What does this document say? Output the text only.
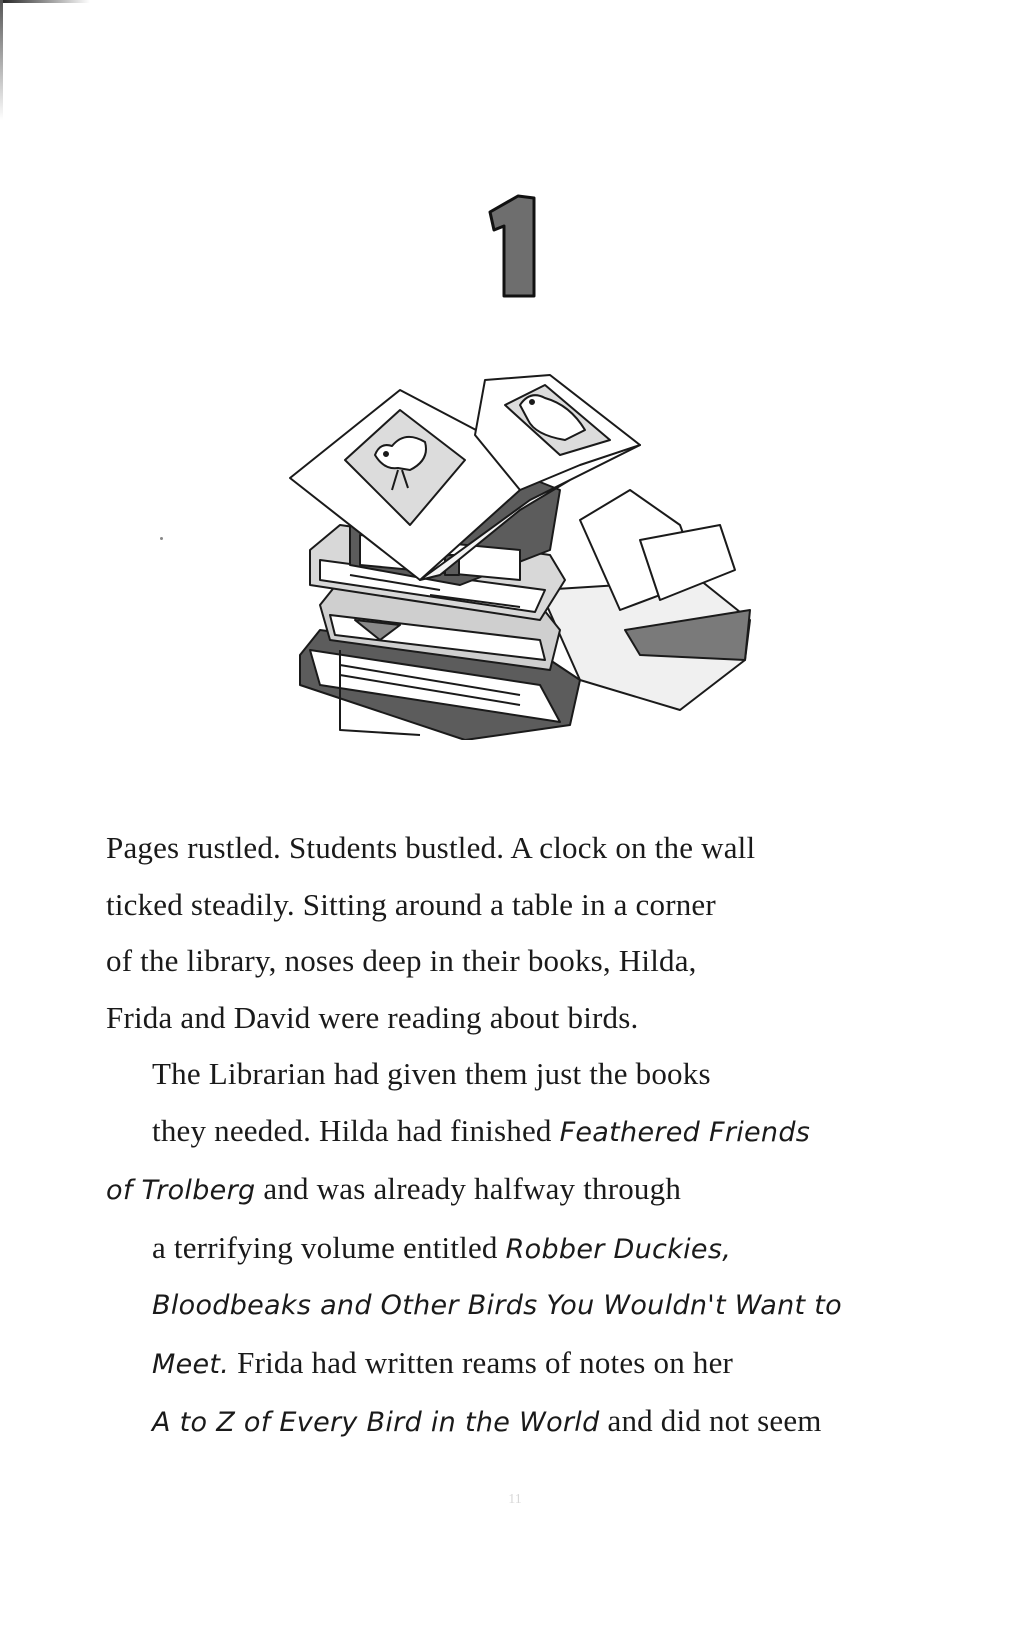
Pages rustled. Students bustled. A clock on the wall
ticked steadily. Sitting around a table in a corner
of the library, noses deep in their books, Hilda,
Frida and David were reading about birds.

The Librarian had given them just the books
they needed. Hilda had finished Feathered Friends
of Trolberg and was already halfway through
a terrifying volume entitled Robber Duckies,
Bloodbeaks and Other Birds You Wouldn't Want to
Meet. Frida had written reams of notes on her
A to Z of Every Bird in the World and did not seem

11
